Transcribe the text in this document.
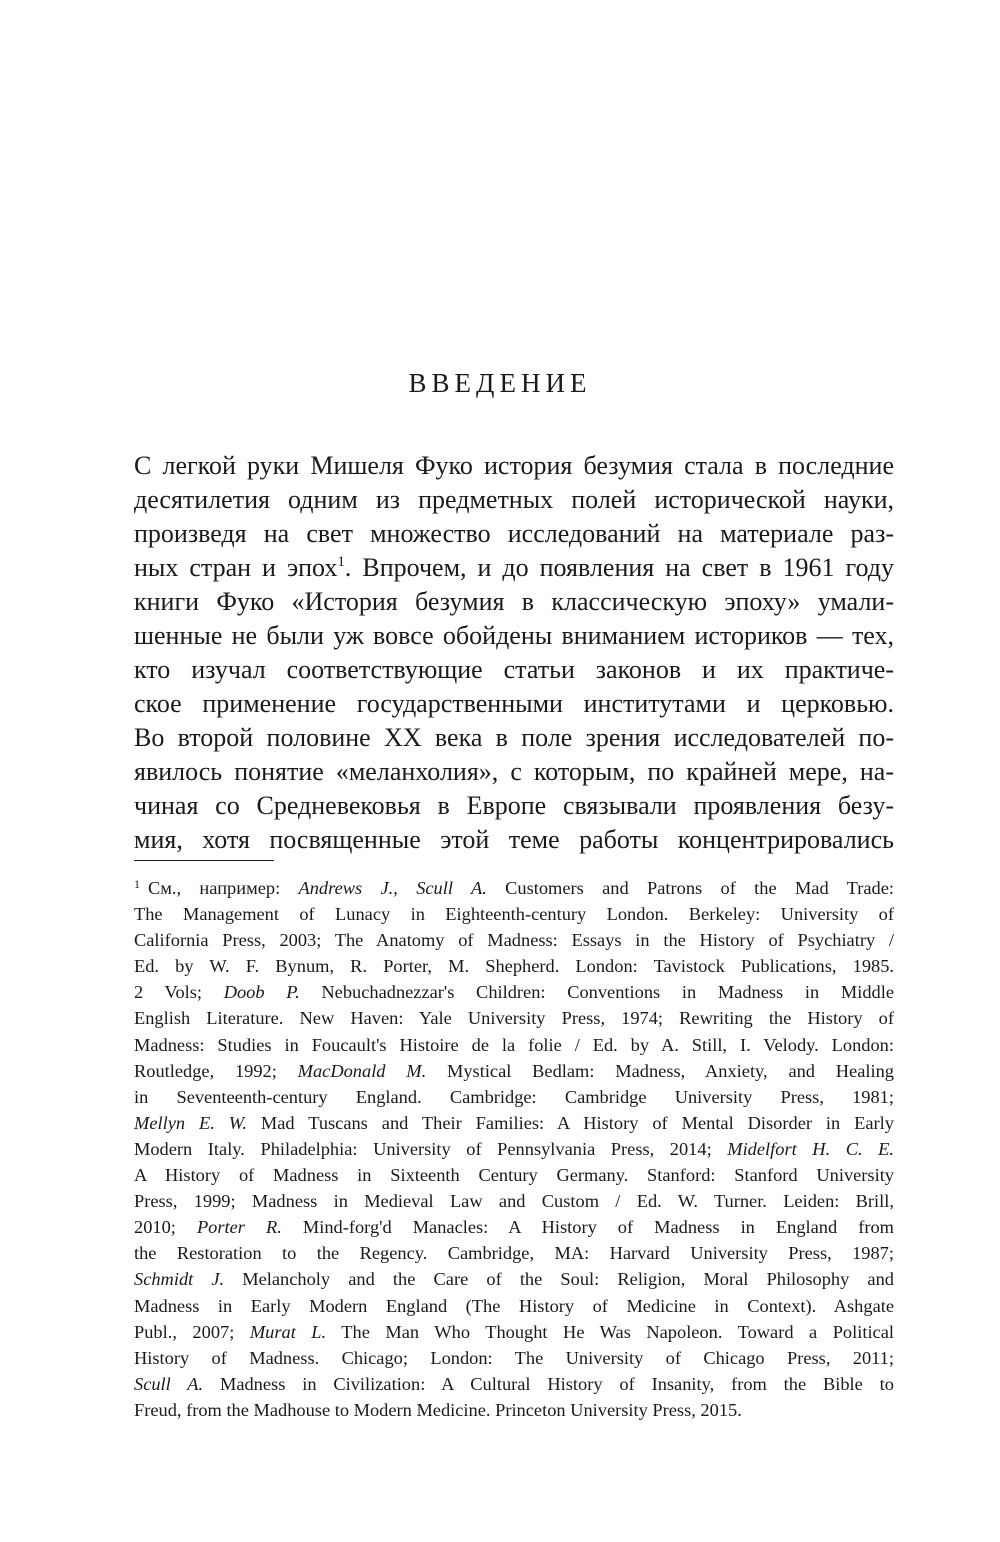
ВВЕДЕНИЕ
С легкой руки Мишеля Фуко история безумия стала в последние
десятилетия одним из предметных полей исторической науки,
произведя на свет множество исследований на материале раз-
ных стран и эпох$^1$. Впрочем, и до появления на свет в 1961 году
книги Фуко «История безумия в классическую эпоху» умали-
шенные не были уж вовсе обойдены вниманием историков — тех,
кто изучал соответствующие статьи законов и их практиче-
ское применение государственными институтами и церковью.
Во второй половине XX века в поле зрения исследователей по-
явилось понятие «меланхолия», с которым, по крайней мере, на-
чиная со Средневековья в Европе связывали проявления безу-
мия, хотя посвященные этой теме работы концентрировались
$^1$ См., например: Andrews J., Scull A. Customers and Patrons of the Mad Trade:
The Management of Lunacy in Eighteenth-century London. Berkeley: University of
California Press, 2003; The Anatomy of Madness: Essays in the History of Psychiatry /
Ed. by W. F. Bynum, R. Porter, M. Shepherd. London: Tavistock Publications, 1985.
2 Vols; Doob P. Nebuchadnezzar's Children: Conventions in Madness in Middle
English Literature. New Haven: Yale University Press, 1974; Rewriting the History of
Madness: Studies in Foucault's Histoire de la folie / Ed. by A. Still, I. Velody. London:
Routledge, 1992; MacDonald M. Mystical Bedlam: Madness, Anxiety, and Healing
in Seventeenth-century England. Cambridge: Cambridge University Press, 1981;
Mellyn E. W. Mad Tuscans and Their Families: A History of Mental Disorder in Early
Modern Italy. Philadelphia: University of Pennsylvania Press, 2014; Midelfort H. C. E.
A History of Madness in Sixteenth Century Germany. Stanford: Stanford University
Press, 1999; Madness in Medieval Law and Custom / Ed. W. Turner. Leiden: Brill,
2010; Porter R. Mind-forg'd Manacles: A History of Madness in England from
the Restoration to the Regency. Cambridge, MA: Harvard University Press, 1987;
Schmidt J. Melancholy and the Care of the Soul: Religion, Moral Philosophy and
Madness in Early Modern England (The History of Medicine in Context). Ashgate
Publ., 2007; Murat L. The Man Who Thought He Was Napoleon. Toward a Political
History of Madness. Chicago; London: The University of Chicago Press, 2011;
Scull A. Madness in Civilization: A Cultural History of Insanity, from the Bible to
Freud, from the Madhouse to Modern Medicine. Princeton University Press, 2015.
